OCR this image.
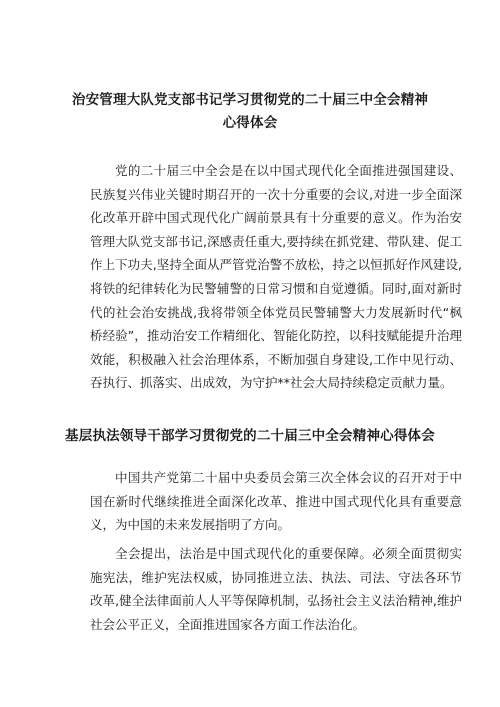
治安管理大队党支部书记学习贯彻党的二十届三中全会精神
心得体会

党的二十届三中全会是在以中国式现代化全面推进强国建设、民族复兴伟业关键时期召开的一次十分重要的会议,对进一步全面深化改革开辟中国式现代化广阔前景具有十分重要的意义。作为治安管理大队党支部书记,深感责任重大,要持续在抓党建、带队建、促工作上下功夫,坚持全面从严管党治警不放松，持之以恒抓好作风建设,将铁的纪律转化为民警辅警的日常习惯和自觉遵循。同时,面对新时代的社会治安挑战,我将带领全体党员民警辅警大力发展新时代“枫桥经验”，推动治安工作精细化、智能化防控，以科技赋能提升治理效能，积极融入社会治理体系，不断加强自身建设,工作中见行动、吞执行、抓落实、出成效，为守护**社会大局持续稳定贡献力量。

基层执法领导干部学习贯彻党的二十届三中全会精神心得体会

中国共产党第二十届中央委员会第三次全体会议的召开对于中国在新时代继续推进全面深化改革、推进中国式现代化具有重要意义，为中国的未来发展指明了方向。

全会提出，法治是中国式现代化的重要保障。必须全面贯彻实施宪法，维护宪法权威，协同推进立法、执法、司法、守法各环节改革,健全法律面前人人平等保障机制，弘扬社会主义法治精神,维护社会公平正义，全面推进国家各方面工作法治化。
